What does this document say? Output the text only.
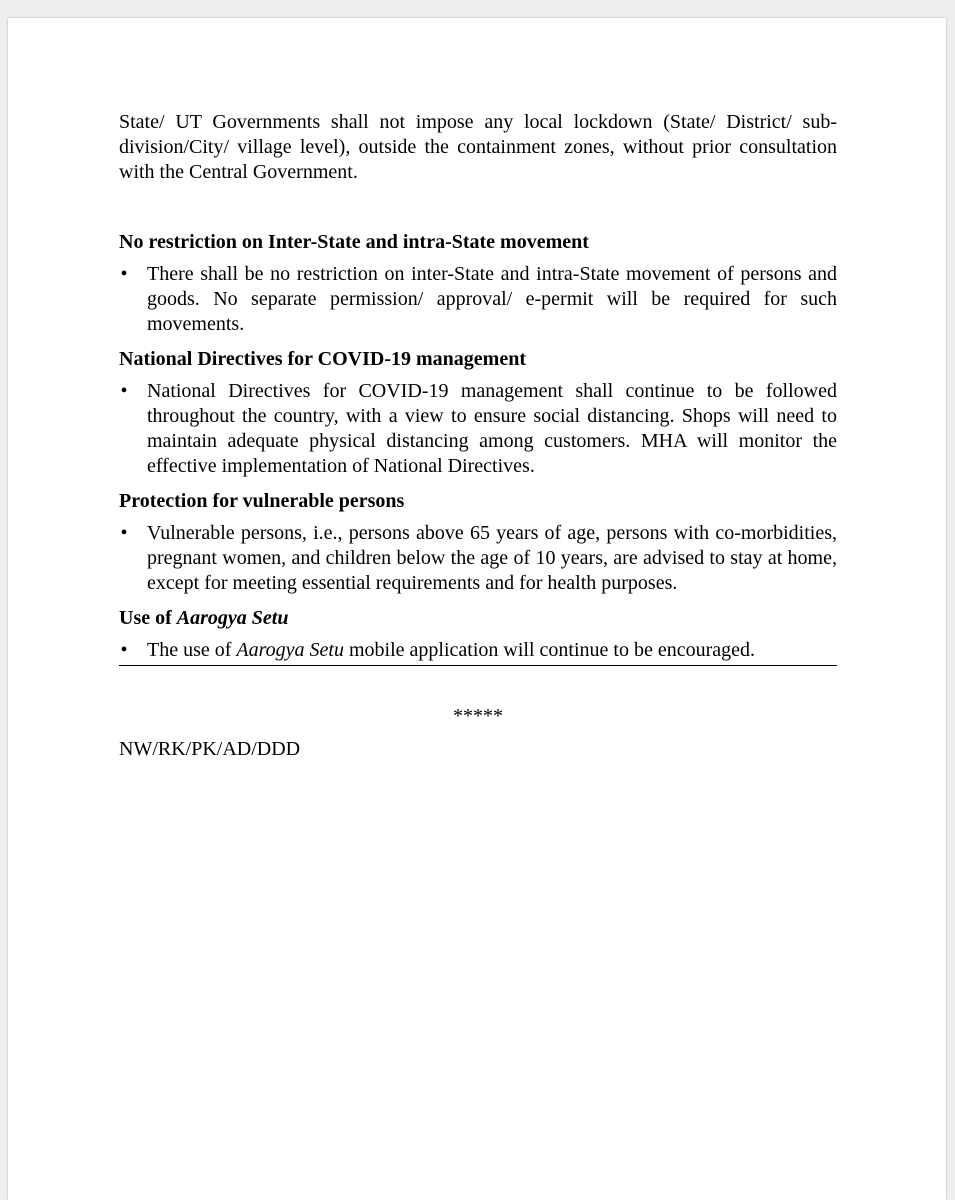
State/ UT Governments shall not impose any local lockdown (State/ District/ sub-division/City/ village level), outside the containment zones, without prior consultation with the Central Government.

No restriction on Inter-State and intra-State movement

• There shall be no restriction on inter-State and intra-State movement of persons and goods. No separate permission/ approval/ e-permit will be required for such movements.

National Directives for COVID-19 management

• National Directives for COVID-19 management shall continue to be followed throughout the country, with a view to ensure social distancing. Shops will need to maintain adequate physical distancing among customers. MHA will monitor the effective implementation of National Directives.

Protection for vulnerable persons

• Vulnerable persons, i.e., persons above 65 years of age, persons with co-morbidities, pregnant women, and children below the age of 10 years, are advised to stay at home, except for meeting essential requirements and for health purposes.

Use of Aarogya Setu

• The use of Aarogya Setu mobile application will continue to be encouraged.
*****
NW/RK/PK/AD/DDD
